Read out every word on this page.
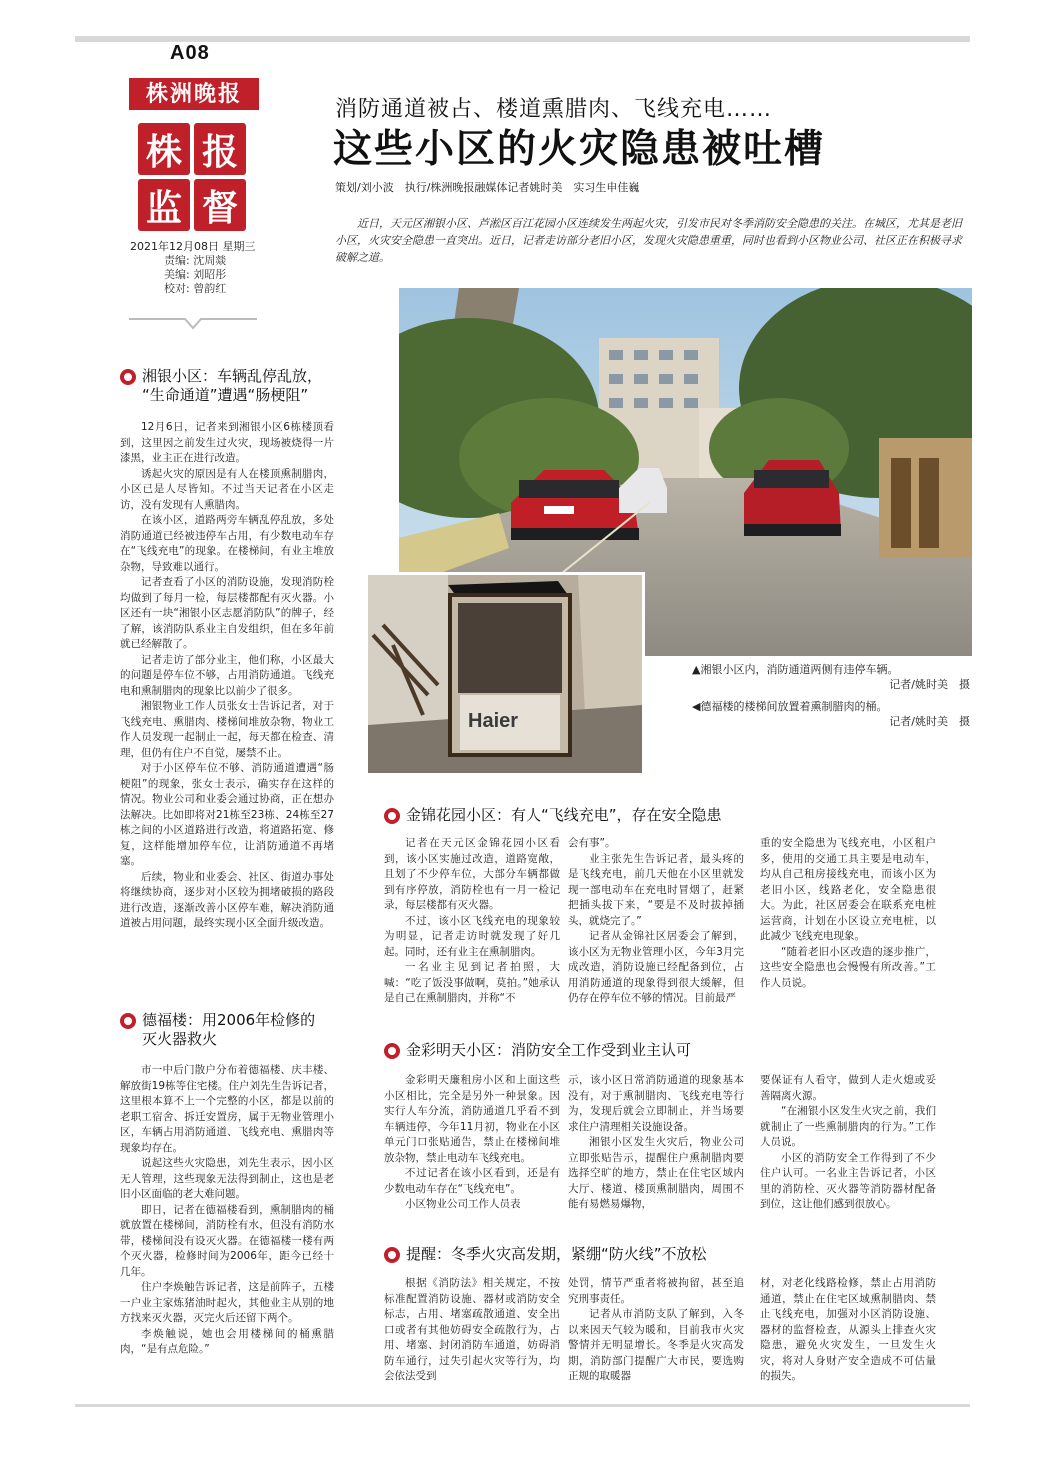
A08
株洲晚报
株 报
监 督
2021年12月08日 星期三
责编: 沈周燚
美编: 刘昭彤
校对: 曾韵红
消防通道被占、楼道熏腊肉、飞线充电……
这些小区的火灾隐患被吐槽
策划/刘小波　执行/株洲晚报融媒体记者姚时美　实习生申佳巍
近日，天元区湘银小区、芦淞区百江花园小区连续发生两起火灾，引发市民对冬季消防安全隐患的关注。在城区，尤其是老旧小区，火灾安全隐患一直突出。近日，记者走访部分老旧小区，发现火灾隐患重重，同时也看到小区物业公司、社区正在积极寻求破解之道。
Haier
▲湘银小区内，消防通道两侧有违停车辆。
记者/姚时美　摄
◀德福楼的楼梯间放置着熏制腊肉的桶。
记者/姚时美　摄
湘银小区：车辆乱停乱放，
“生命通道”遭遇“肠梗阻”

12月6日，记者来到湘银小区6栋楼顶看到，这里因之前发生过火灾，现场被烧得一片漆黑，业主正在进行改造。

诱起火灾的原因是有人在楼顶熏制腊肉，小区已是人尽皆知。不过当天记者在小区走访，没有发现有人熏腊肉。

在该小区，道路两旁车辆乱停乱放，多处消防通道已经被违停车占用，有少数电动车存在“飞线充电”的现象。在楼梯间，有业主堆放杂物，导致难以通行。

记者查看了小区的消防设施，发现消防栓均做到了每月一检，每层楼都配有灭火器。小区还有一块“湘银小区志愿消防队”的牌子，经了解，该消防队系业主自发组织，但在多年前就已经解散了。

记者走访了部分业主，他们称，小区最大的问题是停车位不够，占用消防通道。飞线充电和熏制腊肉的现象比以前少了很多。

湘银物业工作人员张女士告诉记者，对于飞线充电、熏腊肉、楼梯间堆放杂物，物业工作人员发现一起制止一起，每天都在检查、清理，但仍有住户不自觉，屡禁不止。

对于小区停车位不够、消防通道遭遇“肠梗阻”的现象，张女士表示，确实存在这样的情况。物业公司和业委会通过协商，正在想办法解决。比如即将对21栋至23栋、24栋至27栋之间的小区道路进行改造，将道路拓宽、修复，这样能增加停车位，让消防通道不再堵塞。

后续，物业和业委会、社区、街道办事处将继续协商，逐步对小区较为拥堵破损的路段进行改造，逐渐改善小区停车难，解决消防通道被占用问题，最终实现小区全面升级改造。

德福楼：用2006年检修的
灭火器救火

市一中后门散户分布着德福楼、庆丰楼、解放街19栋等住宅楼。住户刘先生告诉记者，这里根本算不上一个完整的小区，都是以前的老职工宿舍、拆迁安置房，属于无物业管理小区，车辆占用消防通道、飞线充电、熏腊肉等现象均存在。

说起这些火灾隐患，刘先生表示，因小区无人管理，这些现象无法得到制止，这也是老旧小区面临的老大难问题。

即日，记者在德福楼看到，熏制腊肉的桶就放置在楼梯间，消防栓有水，但没有消防水带，楼梯间没有设灭火器。在德福楼一楼有两个灭火器，检修时间为2006年，距今已经十几年。

住户李焕触告诉记者，这是前阵子，五楼一户业主家炼猪油时起火，其他业主从别的地方找来灭火器，灭完火后还留下两个。

李焕触说，她也会用楼梯间的桶熏腊肉，“是有点危险。”

金锦花园小区：有人“飞线充电”，存在安全隐患

记者在天元区金锦花园小区看到，该小区实施过改造，道路宽敞，且划了不少停车位，大部分车辆都做到有序停放，消防栓也有一月一检记录，每层楼都有灭火器。

不过，该小区飞线充电的现象较为明显，记者走访时就发现了好几起。同时，还有业主在熏制腊肉。

一名业主见到记者拍照，大喊：“吃了饭没事做啊，莫拍。”她承认是自己在熏制腊肉，并称“不

会有事”。

业主张先生告诉记者，最头疼的是飞线充电，前几天他在小区里就发现一部电动车在充电时冒烟了，赶紧把插头拔下来，“要是不及时拔掉插头，就烧完了。”

记者从金锦社区居委会了解到，该小区为无物业管理小区，今年3月完成改造，消防设施已经配备到位，占用消防通道的现象得到很大缓解，但仍存在停车位不够的情况。目前最严

重的安全隐患为飞线充电，小区租户多，使用的交通工具主要是电动车，均从自己租房接线充电，而该小区为老旧小区，线路老化，安全隐患很大。为此，社区居委会在联系充电桩运营商，计划在小区设立充电桩，以此减少飞线充电现象。

“随着老旧小区改造的逐步推广，这些安全隐患也会慢慢有所改善。”工作人员说。

金彩明天小区：消防安全工作受到业主认可

金彩明天廉租房小区和上面这些小区相比，完全是另外一种景象。因实行人车分流，消防通道几乎看不到车辆违停，今年11月初，物业在小区单元门口张贴通告，禁止在楼梯间堆放杂物，禁止电动车飞线充电。

不过记者在该小区看到，还是有少数电动车存在“飞线充电”。

小区物业公司工作人员表

示，该小区日常消防通道的现象基本没有，对于熏制腊肉、飞线充电等行为，发现后就会立即制止，并当场要求住户清理相关设施设备。

湘银小区发生火灾后，物业公司立即张贴告示，提醒住户熏制腊肉要选择空旷的地方，禁止在住宅区域内大厅、楼道、楼顶熏制腊肉，周围不能有易燃易爆物，

要保证有人看守，做到人走火熄或妥善隔离火源。

“在湘银小区发生火灾之前，我们就制止了一些熏制腊肉的行为。”工作人员说。

小区的消防安全工作得到了不少住户认可。一名业主告诉记者，小区里的消防栓、灭火器等消防器材配备到位，这让他们感到很放心。

提醒：冬季火灾高发期，紧绷“防火线”不放松

根据《消防法》相关规定，不按标准配置消防设施、器材或消防安全标志，占用、堵塞疏散通道、安全出口或者有其他妨碍安全疏散行为，占用、堵塞、封闭消防车通道，妨碍消防车通行，过失引起火灾等行为，均会依法受到

处罚，情节严重者将被拘留，甚至追究刑事责任。

记者从市消防支队了解到，入冬以来因天气较为暖和，目前我市火灾警情并无明显增长。冬季是火灾高发期，消防部门提醒广大市民，要选购正规的取暖器

材，对老化线路检修，禁止占用消防通道，禁止在住宅区域熏制腊肉、禁止飞线充电，加强对小区消防设施、器材的监督检查，从源头上排查火灾隐患，避免火灾发生，一旦发生火灾，将对人身财产安全造成不可估量的损失。
